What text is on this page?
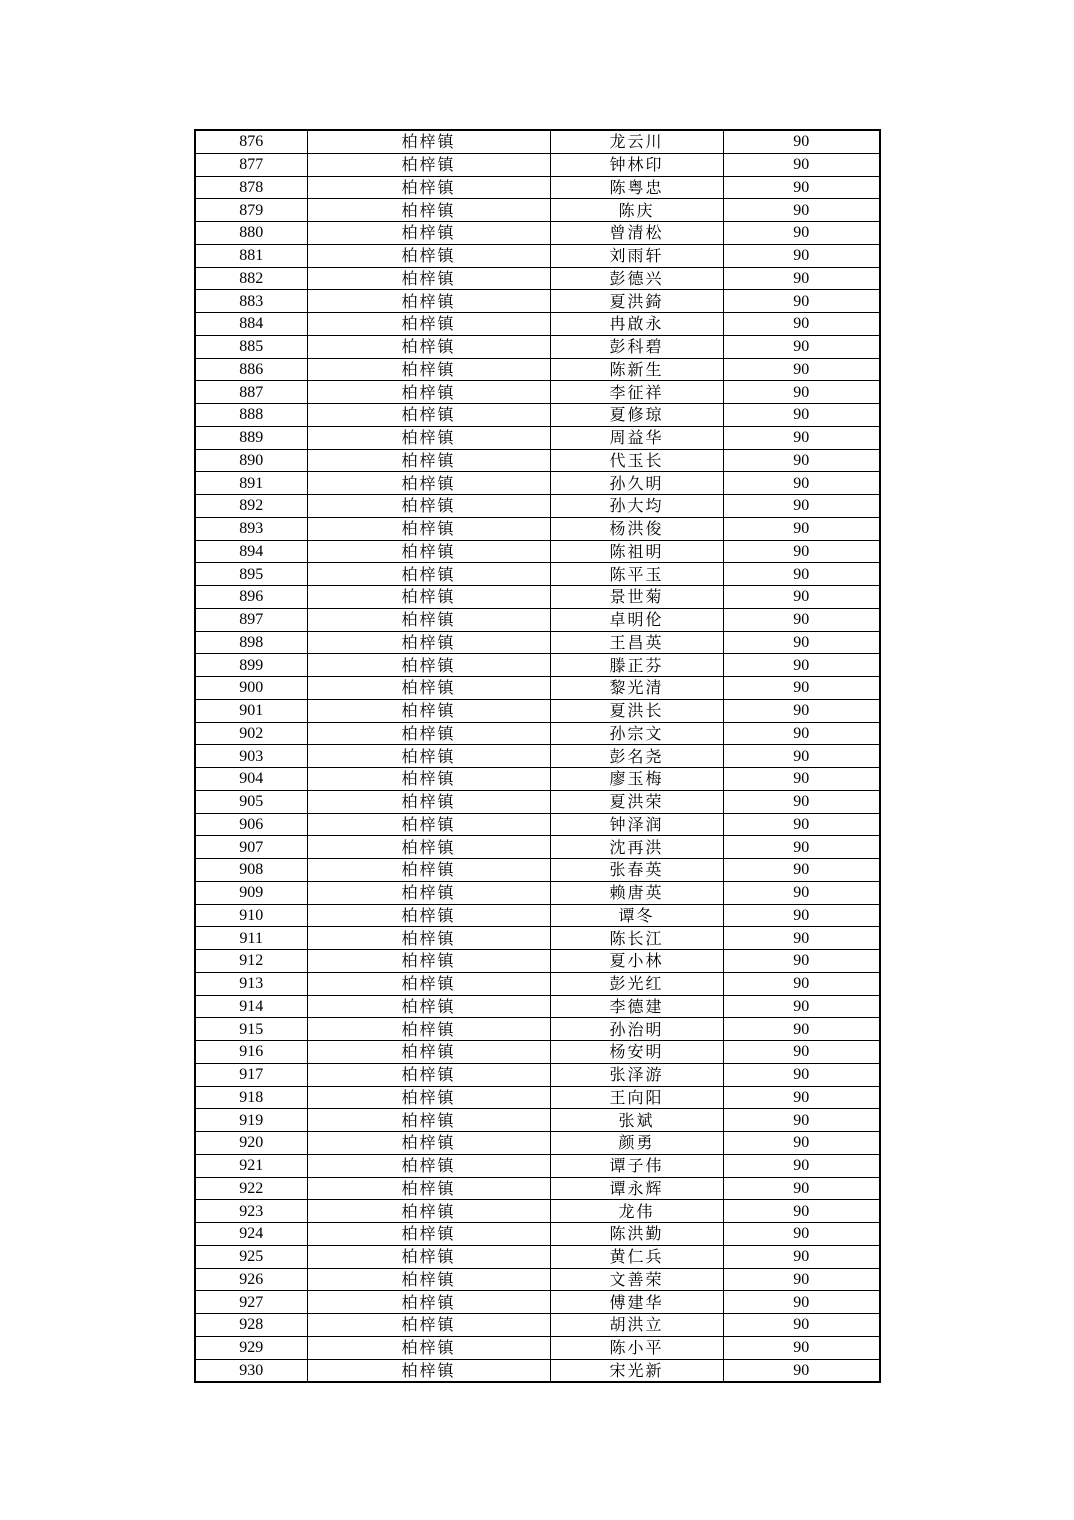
876	柏梓镇	龙云川	90
877	柏梓镇	钟林印	90
878	柏梓镇	陈粤忠	90
879	柏梓镇	陈庆	90
880	柏梓镇	曾清松	90
881	柏梓镇	刘雨轩	90
882	柏梓镇	彭德兴	90
883	柏梓镇	夏洪錡	90
884	柏梓镇	冉啟永	90
885	柏梓镇	彭科碧	90
886	柏梓镇	陈新生	90
887	柏梓镇	李征祥	90
888	柏梓镇	夏修琼	90
889	柏梓镇	周益华	90
890	柏梓镇	代玉长	90
891	柏梓镇	孙久明	90
892	柏梓镇	孙大均	90
893	柏梓镇	杨洪俊	90
894	柏梓镇	陈祖明	90
895	柏梓镇	陈平玉	90
896	柏梓镇	景世菊	90
897	柏梓镇	卓明伦	90
898	柏梓镇	王昌英	90
899	柏梓镇	滕正芬	90
900	柏梓镇	黎光清	90
901	柏梓镇	夏洪长	90
902	柏梓镇	孙宗文	90
903	柏梓镇	彭名尧	90
904	柏梓镇	廖玉梅	90
905	柏梓镇	夏洪荣	90
906	柏梓镇	钟泽润	90
907	柏梓镇	沈再洪	90
908	柏梓镇	张春英	90
909	柏梓镇	赖唐英	90
910	柏梓镇	谭冬	90
911	柏梓镇	陈长江	90
912	柏梓镇	夏小林	90
913	柏梓镇	彭光红	90
914	柏梓镇	李德建	90
915	柏梓镇	孙治明	90
916	柏梓镇	杨安明	90
917	柏梓镇	张泽游	90
918	柏梓镇	王向阳	90
919	柏梓镇	张斌	90
920	柏梓镇	颜勇	90
921	柏梓镇	谭子伟	90
922	柏梓镇	谭永辉	90
923	柏梓镇	龙伟	90
924	柏梓镇	陈洪勤	90
925	柏梓镇	黄仁兵	90
926	柏梓镇	文善荣	90
927	柏梓镇	傅建华	90
928	柏梓镇	胡洪立	90
929	柏梓镇	陈小平	90
930	柏梓镇	宋光新	90
